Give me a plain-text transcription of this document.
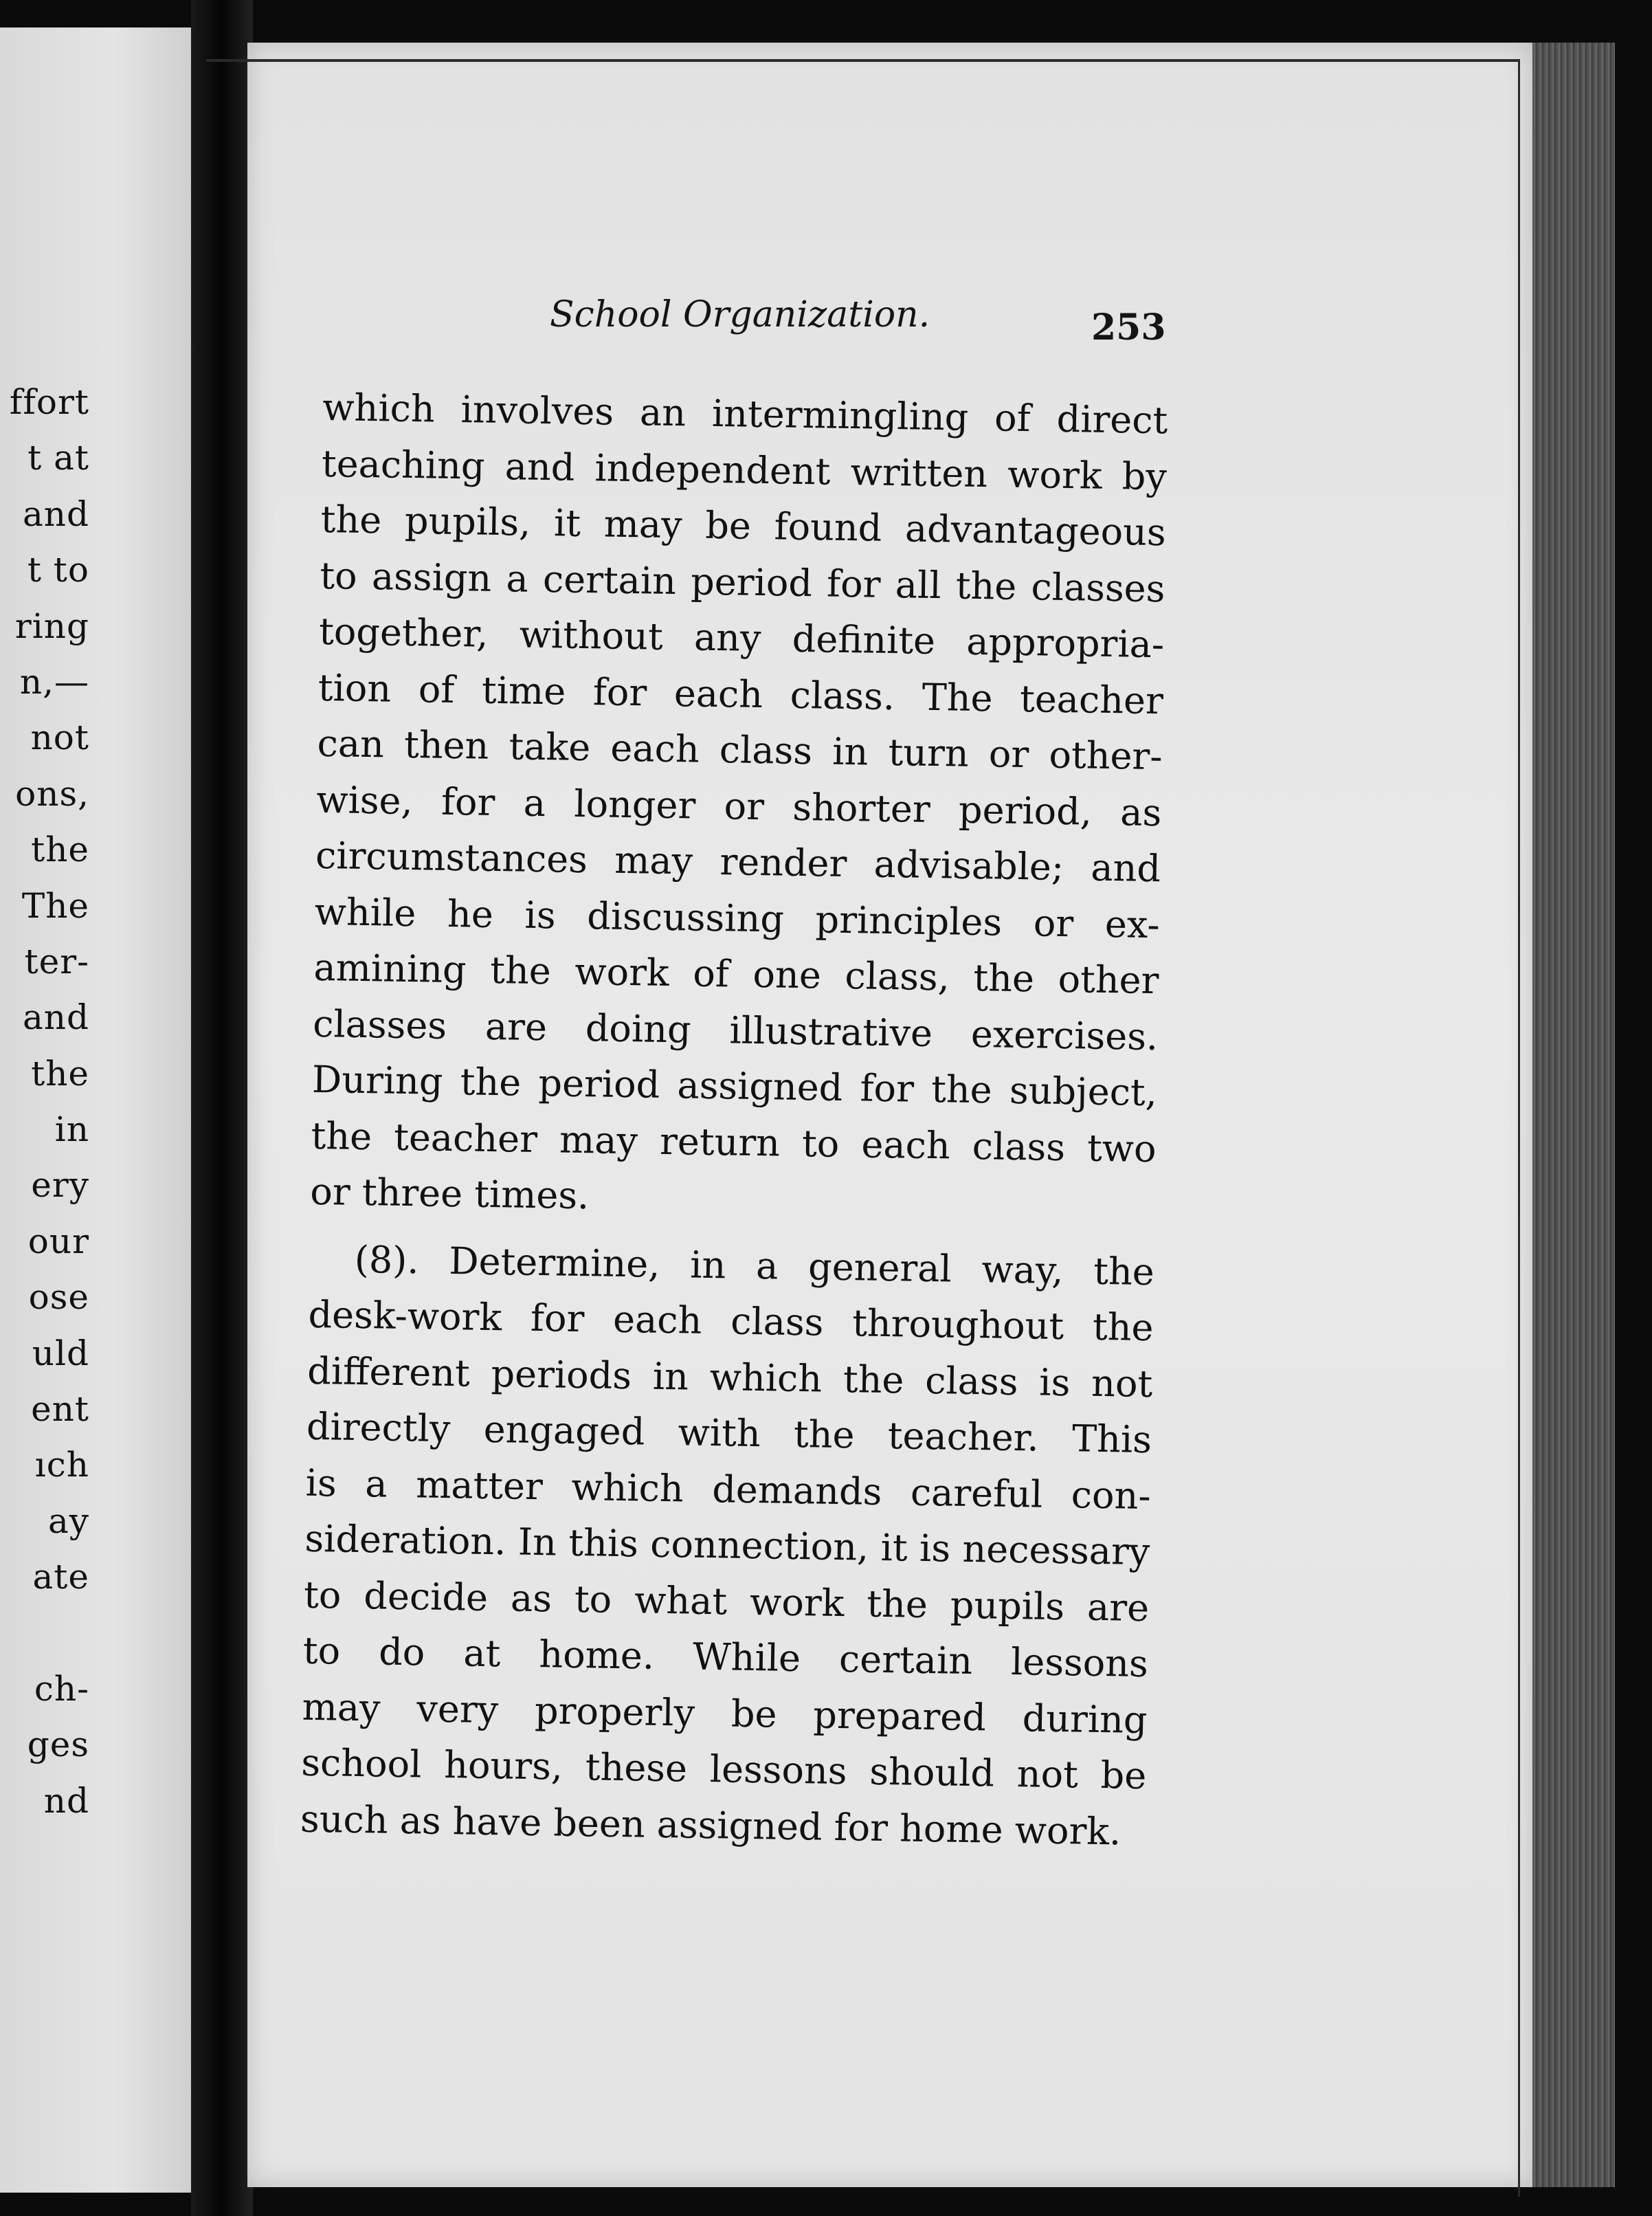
ffort
t at
and
t to
ring
n,—
not
ons,
the
The
ter-
and
the
in
ery
our
ose
uld
ent
ıch
ay
ate
ch-
ges
nd
School Organization.	253
which involves an intermingling of direct
teaching and independent written work by
the pupils, it may be found advantageous
to assign a certain period for all the classes
together, without any definite appropria-
tion of time for each class. The teacher
can then take each class in turn or other-
wise, for a longer or shorter period, as
circumstances may render advisable; and
while he is discussing principles or ex-
amining the work of one class, the other
classes are doing illustrative exercises.
During the period assigned for the subject,
the teacher may return to each class two
or three times.
(8). Determine, in a general way, the
desk-work for each class throughout the
different periods in which the class is not
directly engaged with the teacher. This
is a matter which demands careful con-
sideration. In this connection, it is necessary
to decide as to what work the pupils are
to do at home. While certain lessons
may very properly be prepared during
school hours, these lessons should not be
such as have been assigned for home work.
